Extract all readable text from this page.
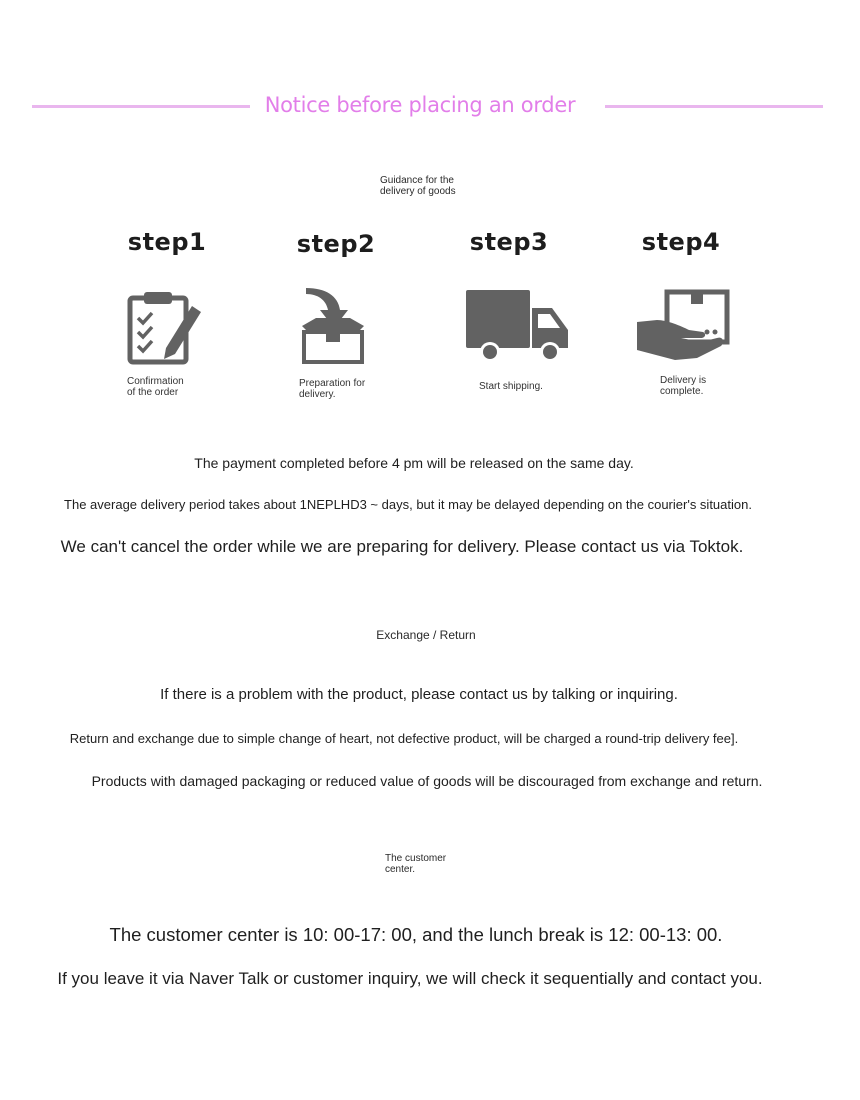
Notice before placing an order
Guidance for the delivery of goods
step1	step2	step3	step4
Confirmation of the order
Preparation for delivery.
Start shipping.
Delivery is complete.
The payment completed before 4 pm will be released on the same day.
The average delivery period takes about 1NEPLHD3 ~ days, but it may be delayed depending on the courier's situation.
We can't cancel the order while we are preparing for delivery. Please contact us via Toktok.
Exchange / Return
If there is a problem with the product, please contact us by talking or inquiring.
Return and exchange due to simple change of heart, not defective product, will be charged a round-trip delivery fee].
Products with damaged packaging or reduced value of goods will be discouraged from exchange and return.
The customer center.
The customer center is 10: 00-17: 00, and the lunch break is 12: 00-13: 00.
If you leave it via Naver Talk or customer inquiry, we will check it sequentially and contact you.
